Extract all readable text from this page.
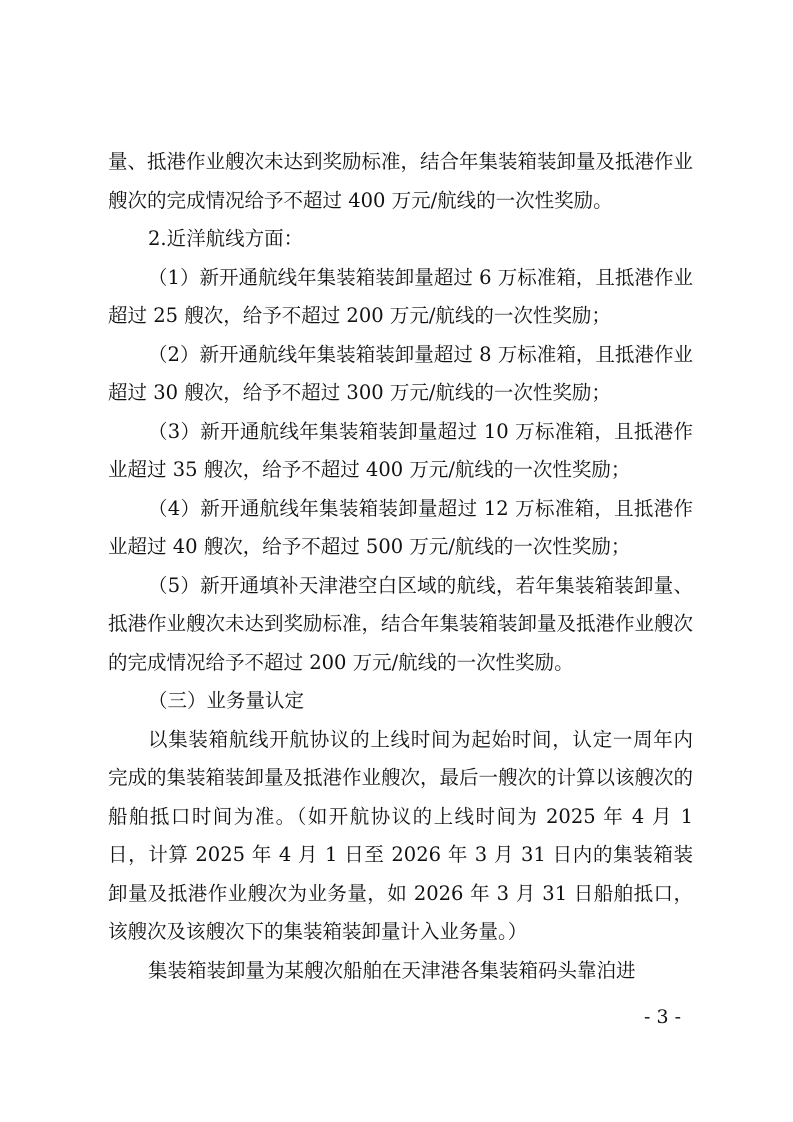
量、抵港作业艘次未达到奖励标准，结合年集装箱装卸量及抵港作业艘次的完成情况给予不超过 400 万元/航线的一次性奖励。

2.近洋航线方面：

（1）新开通航线年集装箱装卸量超过 6 万标准箱，且抵港作业超过 25 艘次，给予不超过 200 万元/航线的一次性奖励；

（2）新开通航线年集装箱装卸量超过 8 万标准箱，且抵港作业超过 30 艘次，给予不超过 300 万元/航线的一次性奖励；

（3）新开通航线年集装箱装卸量超过 10 万标准箱，且抵港作业超过 35 艘次，给予不超过 400 万元/航线的一次性奖励；

（4）新开通航线年集装箱装卸量超过 12 万标准箱，且抵港作业超过 40 艘次，给予不超过 500 万元/航线的一次性奖励；

（5）新开通填补天津港空白区域的航线，若年集装箱装卸量、抵港作业艘次未达到奖励标准，结合年集装箱装卸量及抵港作业艘次的完成情况给予不超过 200 万元/航线的一次性奖励。

（三）业务量认定

以集装箱航线开航协议的上线时间为起始时间，认定一周年内完成的集装箱装卸量及抵港作业艘次，最后一艘次的计算以该艘次的船舶抵口时间为准。（如开航协议的上线时间为 2025 年 4 月 1 日，计算 2025 年 4 月 1 日至 2026 年 3 月 31 日内的集装箱装卸量及抵港作业艘次为业务量，如 2026 年 3 月 31 日船舶抵口，该艘次及该艘次下的集装箱装卸量计入业务量。）

集装箱装卸量为某艘次船舶在天津港各集装箱码头靠泊进

- 3 -
